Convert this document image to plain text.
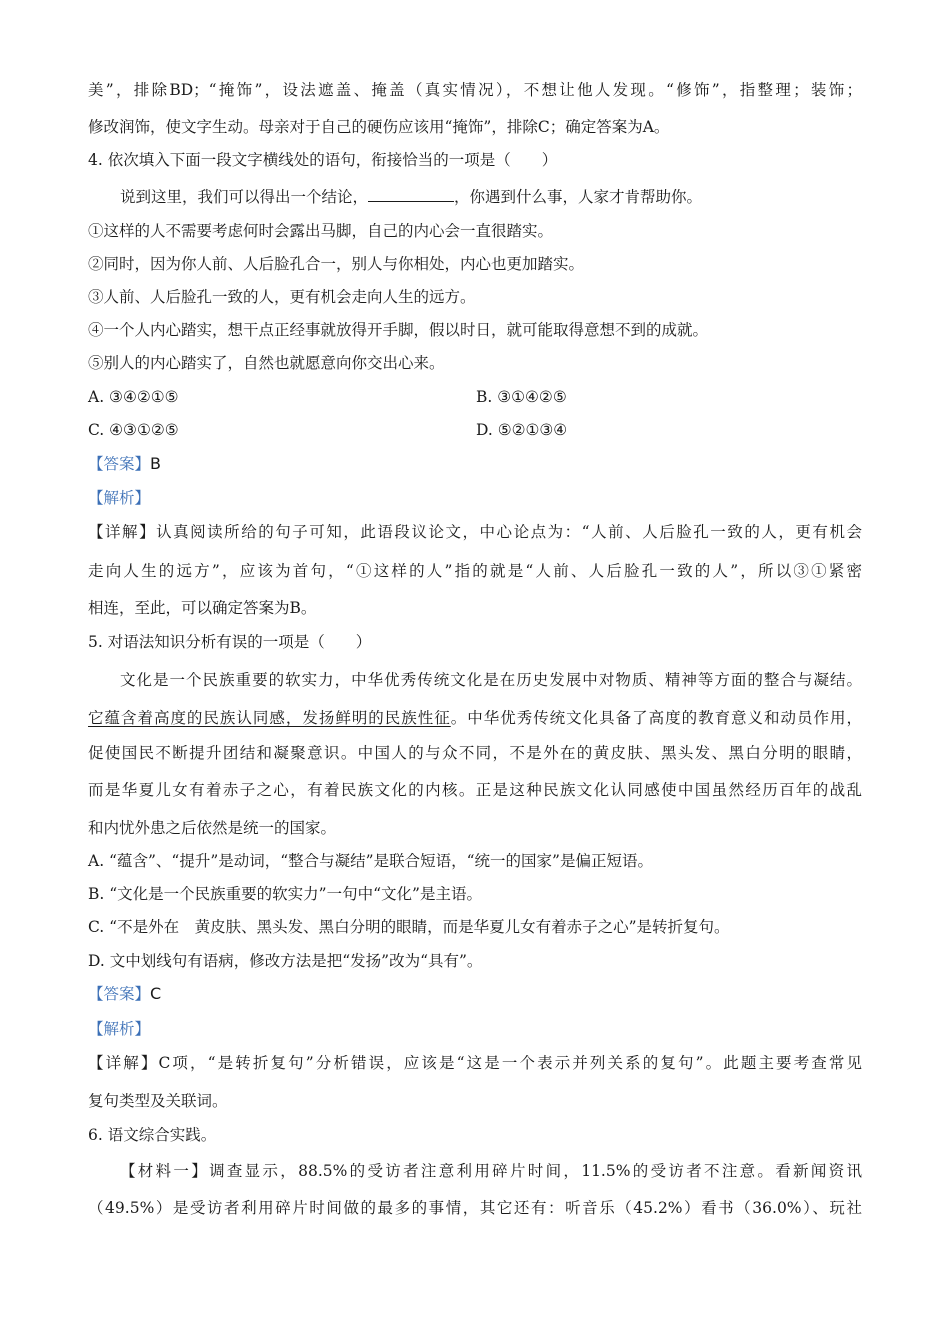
美”，排除BD；“掩饰”，设法遮盖、掩盖（真实情况），不想让他人发现。“修饰”，指整理；装饰；
修改润饰，使文字生动。母亲对于自己的硬伤应该用“掩饰”，排除C；确定答案为A。
4. 依次填入下面一段文字横线处的语句，衔接恰当的一项是（　　）
说到这里，我们可以得出一个结论，	，你遇到什么事，人家才肯帮助你。
①这样的人不需要考虑何时会露出马脚，自己的内心会一直很踏实。
②同时，因为你人前、人后脸孔合一，别人与你相处，内心也更加踏实。
③人前、人后脸孔一致的人，更有机会走向人生的远方。
④一个人内心踏实，想干点正经事就放得开手脚，假以时日，就可能取得意想不到的成就。
⑤别人的内心踏实了，自然也就愿意向你交出心来。
A. ③④②①⑤	B. ③①④②⑤
C. ④③①②⑤	D. ⑤②①③④
【答案】B
【解析】
【详解】认真阅读所给的句子可知，此语段议论文，中心论点为：“人前、人后脸孔一致的人，更有机会
走向人生的远方”，应该为首句，“①这样的人”指的就是“人前、人后脸孔一致的人”，所以③①紧密
相连，至此，可以确定答案为B。
5. 对语法知识分析有误的一项是（　　）
文化是一个民族重要的软实力，中华优秀传统文化是在历史发展中对物质、精神等方面的整合与凝结。
它蕴含着高度的民族认同感，发扬鲜明的民族性征。中华优秀传统文化具备了高度的教育意义和动员作用，
促使国民不断提升团结和凝聚意识。中国人的与众不同，不是外在的黄皮肤、黑头发、黑白分明的眼睛，
而是华夏儿女有着赤子之心，有着民族文化的内核。正是这种民族文化认同感使中国虽然经历百年的战乱
和内忧外患之后依然是统一的国家。
A. “蕴含”、“提升”是动词，“整合与凝结”是联合短语，“统一的国家”是偏正短语。
B. “文化是一个民族重要的软实力”一句中“文化”是主语。
C. “不是外在　黄皮肤、黑头发、黑白分明的眼睛，而是华夏儿女有着赤子之心”是转折复句。
D. 文中划线句有语病，修改方法是把“发扬”改为“具有”。
【答案】C
【解析】
【详解】C项，“是转折复句”分析错误，应该是“这是一个表示并列关系的复句”。此题主要考查常见
复句类型及关联词。
6. 语文综合实践。
【材料一】调查显示，88.5%的受访者注意利用碎片时间，11.5%的受访者不注意。看新闻资讯
（49.5%）是受访者利用碎片时间做的最多的事情，其它还有：听音乐（45.2%）看书（36.0%）、玩社
